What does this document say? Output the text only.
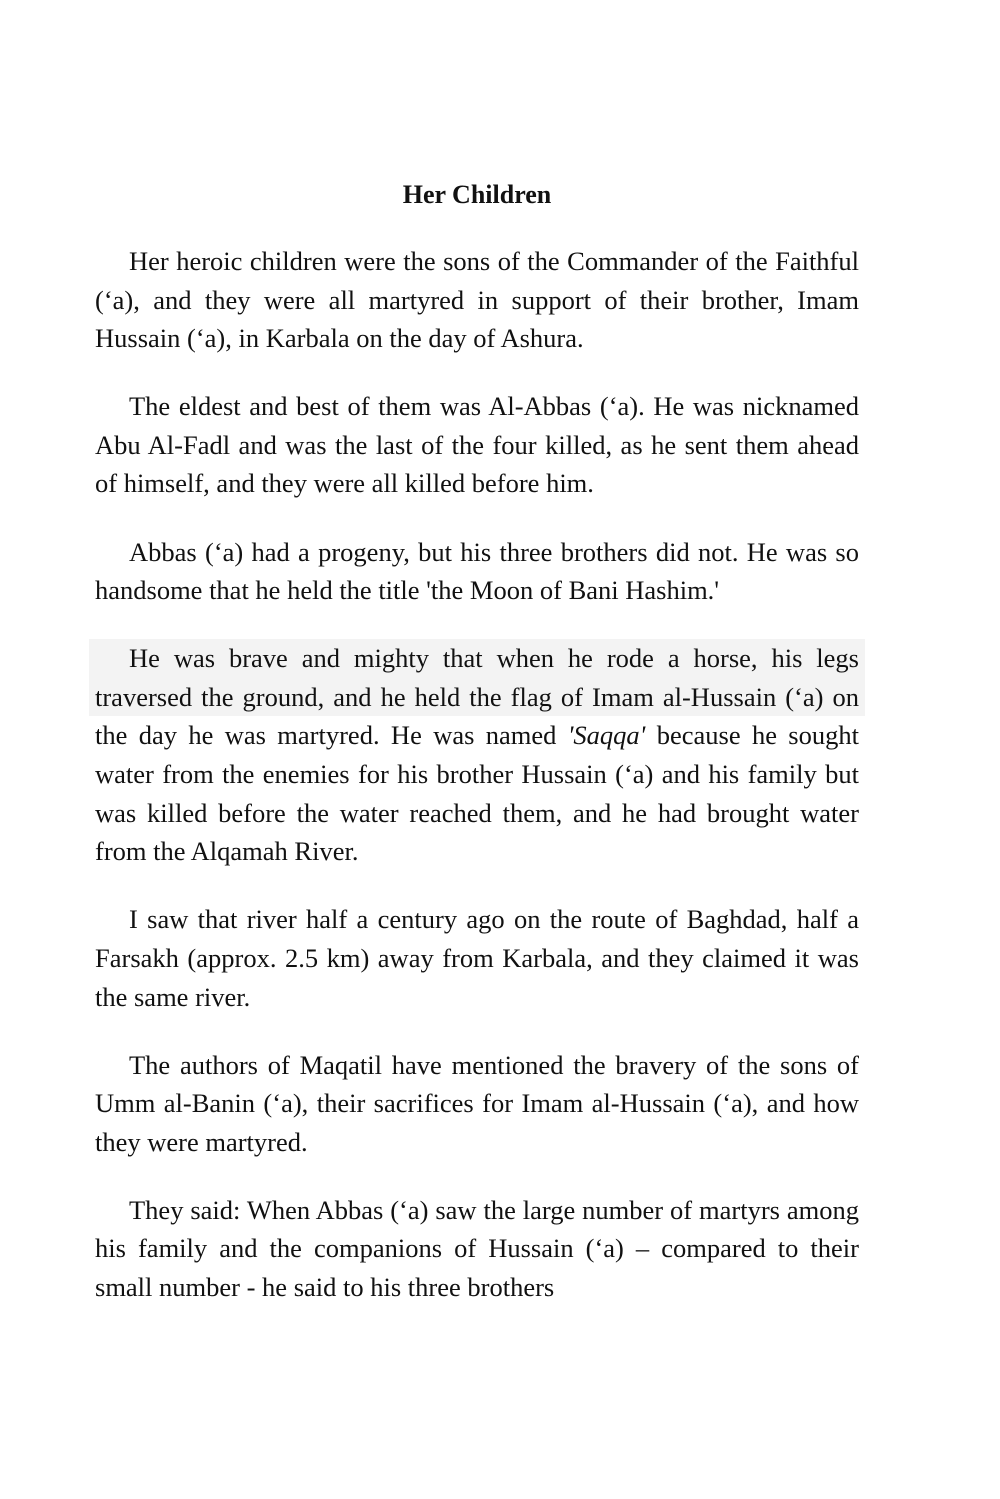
Her Children

Her heroic children were the sons of the Commander of the Faithful (‘a), and they were all martyred in support of their brother, Imam Hussain (‘a), in Karbala on the day of Ashura.

The eldest and best of them was Al-Abbas (‘a). He was nicknamed Abu Al-Fadl and was the last of the four killed, as he sent them ahead of himself, and they were all killed before him.

Abbas (‘a) had a progeny, but his three brothers did not. He was so handsome that he held the title 'the Moon of Bani Hashim.'

He was brave and mighty that when he rode a horse, his legs traversed the ground, and he held the flag of Imam al-Hussain (‘a) on the day he was martyred. He was named 'Saqqa' because he sought water from the enemies for his brother Hussain (‘a) and his family but was killed before the water reached them, and he had brought water from the Alqamah River.

I saw that river half a century ago on the route of Baghdad, half a Farsakh (approx. 2.5 km) away from Karbala, and they claimed it was the same river.

The authors of Maqatil have mentioned the bravery of the sons of Umm al-Banin (‘a), their sacrifices for Imam al-Hussain (‘a), and how they were martyred.

They said: When Abbas (‘a) saw the large number of martyrs among his family and the companions of Hussain (‘a) – compared to their small number - he said to his three brothers
